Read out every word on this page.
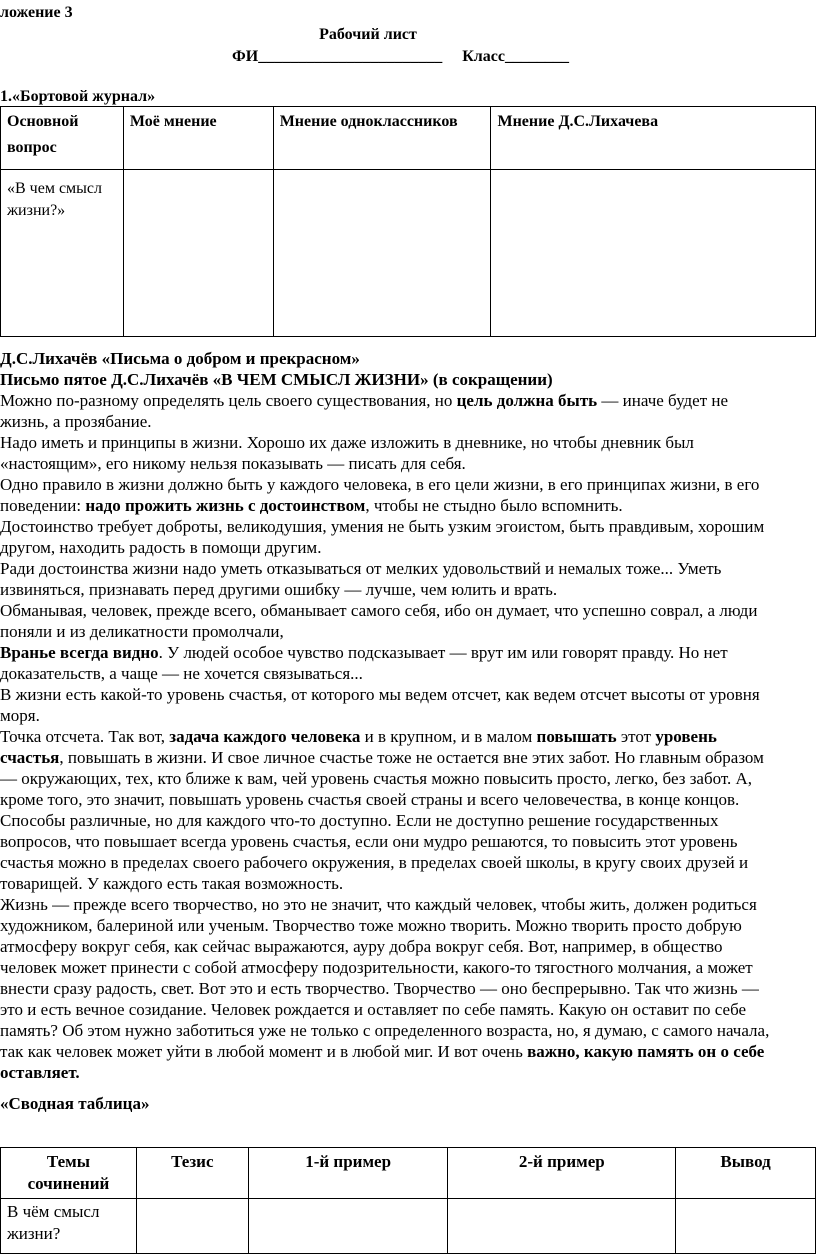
ложение 3
Рабочий лист
ФИ_______________________ Класс________
1.«Бортовой журнал»
Основной вопрос	Моё мнение	Мнение одноклассников	Мнение Д.С.Лихачева
«В чем смысл жизни?»			

Д.С.Лихачёв «Письма о добром и прекрасном»

Письмо пятое Д.С.Лихачёв «В ЧЕМ СМЫСЛ ЖИЗНИ» (в сокращении)

Можно по-разному определять цель своего существования, но цель должна быть — иначе будет не
жизнь, а прозябание.

Надо иметь и принципы в жизни. Хорошо их даже изложить в дневнике, но чтобы дневник был
«настоящим», его никому нельзя показывать — писать для себя.

Одно правило в жизни должно быть у каждого человека, в его цели жизни, в его принципах жизни, в его
поведении: надо прожить жизнь с достоинством, чтобы не стыдно было вспомнить.

Достоинство требует доброты, великодушия, умения не быть узким эгоистом, быть правдивым, хорошим
другом, находить радость в помощи другим.

Ради достоинства жизни надо уметь отказываться от мелких удовольствий и немалых тоже... Уметь
извиняться, признавать перед другими ошибку — лучше, чем юлить и врать.

Обманывая, человек, прежде всего, обманывает самого себя, ибо он думает, что успешно соврал, а люди
поняли и из деликатности промолчали,

Вранье всегда видно. У людей особое чувство подсказывает — врут им или говорят правду. Но нет
доказательств, а чаще — не хочется связываться...

В жизни есть какой-то уровень счастья, от которого мы ведем отсчет, как ведем отсчет высоты от уровня
моря.

Точка отсчета. Так вот, задача каждого человека и в крупном, и в малом повышать этот уровень
счастья, повышать в жизни. И свое личное счастье тоже не остается вне этих забот. Но главным образом
— окружающих, тех, кто ближе к вам, чей уровень счастья можно повысить просто, легко, без забот. А,
кроме того, это значит, повышать уровень счастья своей страны и всего человечества, в конце концов.

Способы различные, но для каждого что-то доступно. Если не доступно решение государственных
вопросов, что повышает всегда уровень счастья, если они мудро решаются, то повысить этот уровень
счастья можно в пределах своего рабочего окружения, в пределах своей школы, в кругу своих друзей и
товарищей. У каждого есть такая возможность.

Жизнь — прежде всего творчество, но это не значит, что каждый человек, чтобы жить, должен родиться
художником, балериной или ученым. Творчество тоже можно творить. Можно творить просто добрую
атмосферу вокруг себя, как сейчас выражаются, ауру добра вокруг себя. Вот, например, в общество
человек может принести с собой атмосферу подозрительности, какого-то тягостного молчания, а может
внести сразу радость, свет. Вот это и есть творчество. Творчество — оно беспрерывно. Так что жизнь —
это и есть вечное созидание. Человек рождается и оставляет по себе память. Какую он оставит по себе
память? Об этом нужно заботиться уже не только с определенного возраста, но, я думаю, с самого начала,
так как человек может уйти в любой момент и в любой миг. И вот очень важно, какую память он о себе
оставляет.

«Сводная таблица»
Темы сочинений	Тезис	1-й пример	2-й пример	Вывод
В чём смысл жизни?				
